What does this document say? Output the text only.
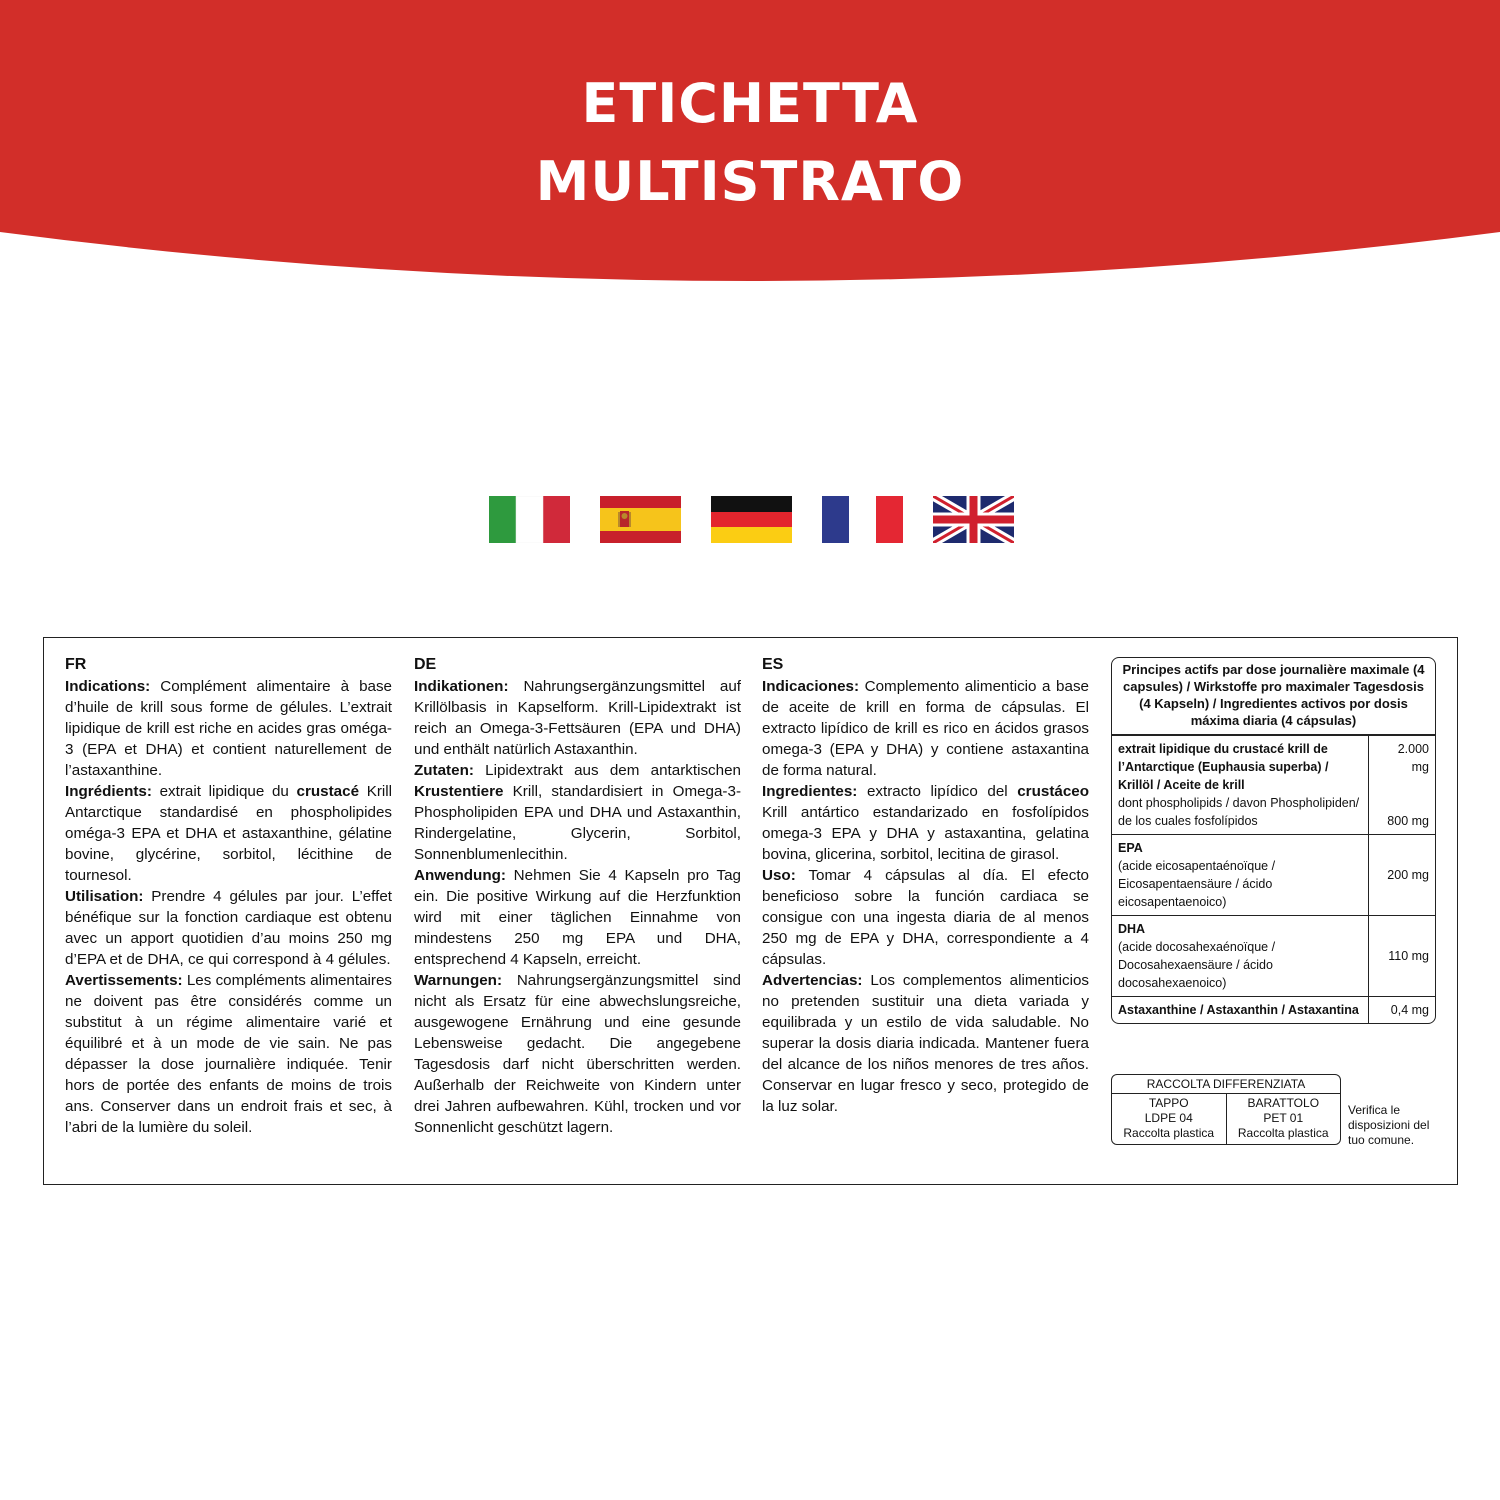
ETICHETTA
MULTISTRATO
FR

Indications: Complément alimentaire à base d’huile de krill sous forme de gélules. L’extrait lipidique de krill est riche en acides gras oméga-3 (EPA et DHA) et contient naturellement de l’astaxanthine.

Ingrédients: extrait lipidique du crustacé Krill Antarctique standardisé en phospholipides oméga-3 EPA et DHA et astaxanthine, gélatine bovine, glycérine, sorbitol, lécithine de tournesol.

Utilisation: Prendre 4 gélules par jour. L’effet bénéfique sur la fonction cardiaque est obtenu avec un apport quotidien d’au moins 250 mg d’EPA et de DHA, ce qui correspond à 4 gélules.

Avertissements: Les compléments alimentaires ne doivent pas être considérés comme un substitut à un régime alimentaire varié et équilibré et à un mode de vie sain. Ne pas dépasser la dose journalière indiquée. Tenir hors de portée des enfants de moins de trois ans. Conserver dans un endroit frais et sec, à l’abri de la lumière du soleil.

DE

Indikationen: Nahrungsergänzungsmittel auf Krillölbasis in Kapselform. Krill-Lipidextrakt ist reich an Omega-3-Fettsäuren (EPA und DHA) und enthält natürlich Astaxanthin.

Zutaten: Lipidextrakt aus dem antarktischen Krustentiere Krill, standardisiert in Omega-3-Phospholipiden EPA und DHA und Astaxanthin, Rindergelatine, Glycerin, Sorbitol, Sonnenblumenlecithin.

Anwendung: Nehmen Sie 4 Kapseln pro Tag ein. Die positive Wirkung auf die Herzfunktion wird mit einer täglichen Einnahme von mindestens 250 mg EPA und DHA, entsprechend 4 Kapseln, erreicht.

Warnungen: Nahrungsergänzungsmittel sind nicht als Ersatz für eine abwechslungsreiche, ausgewogene Ernährung und eine gesunde Lebensweise gedacht. Die angegebene Tagesdosis darf nicht überschritten werden. Außerhalb der Reichweite von Kindern unter drei Jahren aufbewahren. Kühl, trocken und vor Sonnenlicht geschützt lagern.

ES

Indicaciones: Complemento alimenticio a base de aceite de krill en forma de cápsulas. El extracto lipídico de krill es rico en ácidos grasos omega-3 (EPA y DHA) y contiene astaxantina de forma natural.

Ingredientes: extracto lipídico del crustáceo Krill antártico estandarizado en fosfolípidos omega-3 EPA y DHA y astaxantina, gelatina bovina, glicerina, sorbitol, lecitina de girasol.

Uso: Tomar 4 cápsulas al día. El efecto beneficioso sobre la función cardiaca se consigue con una ingesta diaria de al menos 250 mg de EPA y DHA, correspondiente a 4 cápsulas.

Advertencias: Los complementos alimenticios no pretenden sustituir una dieta variada y equilibrada y un estilo de vida saludable. No superar la dosis diaria indicada. Mantener fuera del alcance de los niños menores de tres años. Conservar en lugar fresco y seco, protegido de la luz solar.

Principes actifs par dose journalière maximale (4 capsules) / Wirkstoffe pro maximaler Tagesdosis (4 Kapseln) / Ingredientes activos por dosis máxima diaria (4 cápsulas)
extrait lipidique du crustacé krill de l’Antarctique (Euphausia superba) / Krillöl / Aceite de krill
dont phospholipids / davon Phospholipiden/ de los cuales fosfolípidos
2.000 mg
800 mg
EPA
(acide eicosapentaénoïque / Eicosapentaensäure / ácido eicosapentaenoico)
200 mg
DHA
(acide docosahexaénoïque / Docosahexaensäure / ácido docosahexaenoico)
110 mg
Astaxanthine / Astaxanthin / Astaxantina	0,4 mg
RACCOLTA DIFFERENZIATA
TAPPO
LDPE 04
Raccolta plastica
BARATTOLO
PET 01
Raccolta plastica
Verifica le disposizioni del tuo comune.
